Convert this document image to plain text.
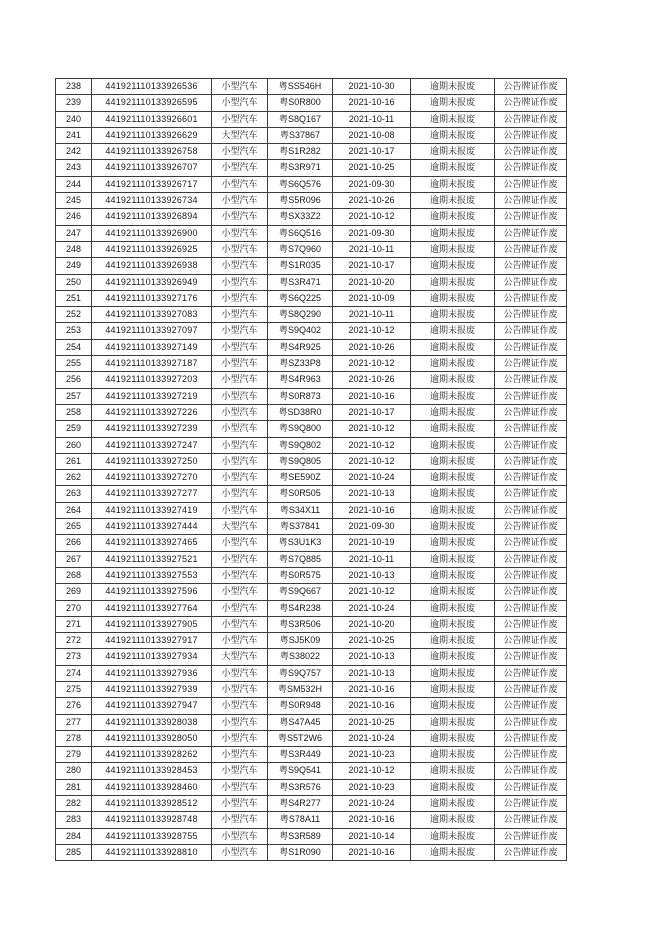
238	441921110133926536	小型汽车	粤SS546H	2021-10-30	逾期未报废	公告牌证作废
239	441921110133926595	小型汽车	粤S0R800	2021-10-16	逾期未报废	公告牌证作废
240	441921110133926601	小型汽车	粤S8Q167	2021-10-11	逾期未报废	公告牌证作废
241	441921110133926629	大型汽车	粤S37867	2021-10-08	逾期未报废	公告牌证作废
242	441921110133926758	小型汽车	粤S1R282	2021-10-17	逾期未报废	公告牌证作废
243	441921110133926707	小型汽车	粤S3R971	2021-10-25	逾期未报废	公告牌证作废
244	441921110133926717	小型汽车	粤S6Q576	2021-09-30	逾期未报废	公告牌证作废
245	441921110133926734	小型汽车	粤S5R096	2021-10-26	逾期未报废	公告牌证作废
246	441921110133926894	小型汽车	粤SX33Z2	2021-10-12	逾期未报废	公告牌证作废
247	441921110133926900	小型汽车	粤S6Q516	2021-09-30	逾期未报废	公告牌证作废
248	441921110133926925	小型汽车	粤S7Q960	2021-10-11	逾期未报废	公告牌证作废
249	441921110133926938	小型汽车	粤S1R035	2021-10-17	逾期未报废	公告牌证作废
250	441921110133926949	小型汽车	粤S3R471	2021-10-20	逾期未报废	公告牌证作废
251	441921110133927176	小型汽车	粤S6Q225	2021-10-09	逾期未报废	公告牌证作废
252	441921110133927083	小型汽车	粤S8Q290	2021-10-11	逾期未报废	公告牌证作废
253	441921110133927097	小型汽车	粤S9Q402	2021-10-12	逾期未报废	公告牌证作废
254	441921110133927149	小型汽车	粤S4R925	2021-10-26	逾期未报废	公告牌证作废
255	441921110133927187	小型汽车	粤SZ33P8	2021-10-12	逾期未报废	公告牌证作废
256	441921110133927203	小型汽车	粤S4R963	2021-10-26	逾期未报废	公告牌证作废
257	441921110133927219	小型汽车	粤S0R873	2021-10-16	逾期未报废	公告牌证作废
258	441921110133927226	小型汽车	粤SD38R0	2021-10-17	逾期未报废	公告牌证作废
259	441921110133927239	小型汽车	粤S9Q800	2021-10-12	逾期未报废	公告牌证作废
260	441921110133927247	小型汽车	粤S9Q802	2021-10-12	逾期未报废	公告牌证作废
261	441921110133927250	小型汽车	粤S9Q805	2021-10-12	逾期未报废	公告牌证作废
262	441921110133927270	小型汽车	粤SE590Z	2021-10-24	逾期未报废	公告牌证作废
263	441921110133927277	小型汽车	粤S0R505	2021-10-13	逾期未报废	公告牌证作废
264	441921110133927419	小型汽车	粤S34X11	2021-10-16	逾期未报废	公告牌证作废
265	441921110133927444	大型汽车	粤S37841	2021-09-30	逾期未报废	公告牌证作废
266	441921110133927465	小型汽车	粤S3U1K3	2021-10-19	逾期未报废	公告牌证作废
267	441921110133927521	小型汽车	粤S7Q885	2021-10-11	逾期未报废	公告牌证作废
268	441921110133927553	小型汽车	粤S0R575	2021-10-13	逾期未报废	公告牌证作废
269	441921110133927596	小型汽车	粤S9Q667	2021-10-12	逾期未报废	公告牌证作废
270	441921110133927764	小型汽车	粤S4R238	2021-10-24	逾期未报废	公告牌证作废
271	441921110133927905	小型汽车	粤S3R506	2021-10-20	逾期未报废	公告牌证作废
272	441921110133927917	小型汽车	粤SJ5K09	2021-10-25	逾期未报废	公告牌证作废
273	441921110133927934	大型汽车	粤S38022	2021-10-13	逾期未报废	公告牌证作废
274	441921110133927936	小型汽车	粤S9Q757	2021-10-13	逾期未报废	公告牌证作废
275	441921110133927939	小型汽车	粤SM532H	2021-10-16	逾期未报废	公告牌证作废
276	441921110133927947	小型汽车	粤S0R948	2021-10-16	逾期未报废	公告牌证作废
277	441921110133928038	小型汽车	粤S47A45	2021-10-25	逾期未报废	公告牌证作废
278	441921110133928050	小型汽车	粤S5T2W6	2021-10-24	逾期未报废	公告牌证作废
279	441921110133928262	小型汽车	粤S3R449	2021-10-23	逾期未报废	公告牌证作废
280	441921110133928453	小型汽车	粤S9Q541	2021-10-12	逾期未报废	公告牌证作废
281	441921110133928460	小型汽车	粤S3R576	2021-10-23	逾期未报废	公告牌证作废
282	441921110133928512	小型汽车	粤S4R277	2021-10-24	逾期未报废	公告牌证作废
283	441921110133928748	小型汽车	粤S78A11	2021-10-16	逾期未报废	公告牌证作废
284	441921110133928755	小型汽车	粤S3R589	2021-10-14	逾期未报废	公告牌证作废
285	441921110133928810	小型汽车	粤S1R090	2021-10-16	逾期未报废	公告牌证作废
